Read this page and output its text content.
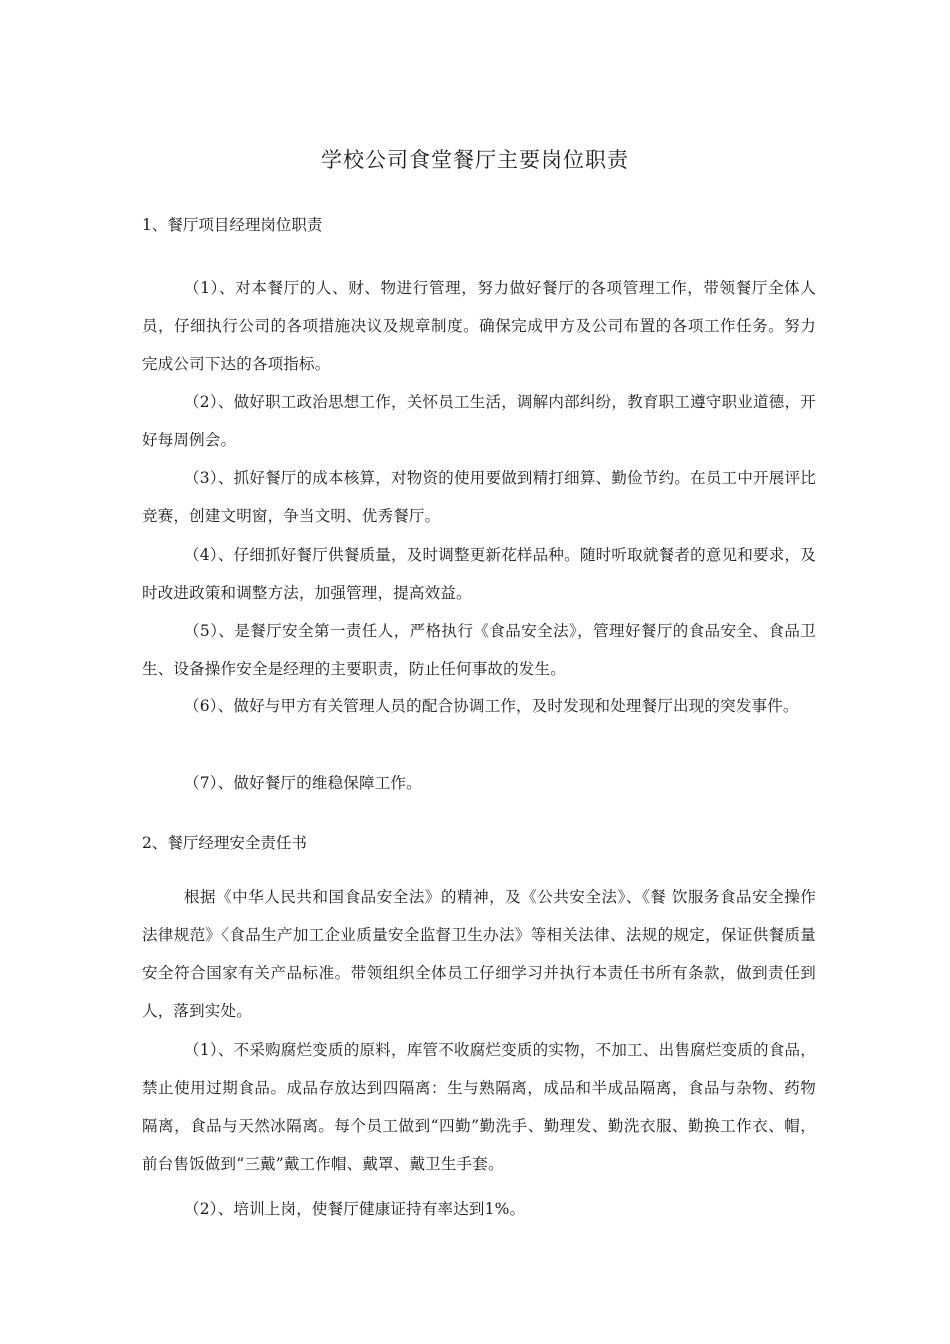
学校公司食堂餐厅主要岗位职责
1、餐厅项目经理岗位职责
（1）、对本餐厅的人、财、物进行管理，努力做好餐厅的各项管理工作，带领餐厅全体人员，仔细执行公司的各项措施决议及规章制度。确保完成甲方及公司布置的各项工作任务。努力完成公司下达的各项指标。
（2）、做好职工政治思想工作，关怀员工生活，调解内部纠纷，教育职工遵守职业道德，开好每周例会。
（3）、抓好餐厅的成本核算，对物资的使用要做到精打细算、勤俭节约。在员工中开展评比竞赛，创建文明窗，争当文明、优秀餐厅。
（4）、仔细抓好餐厅供餐质量，及时调整更新花样品种。随时听取就餐者的意见和要求，及时改进政策和调整方法，加强管理，提高效益。
（5）、是餐厅安全第一责任人，严格执行《食品安全法》，管理好餐厅的食品安全、食品卫生、设备操作安全是经理的主要职责，防止任何事故的发生。
（6）、做好与甲方有关管理人员的配合协调工作，及时发现和处理餐厅出现的突发事件。
（7）、做好餐厅的维稳保障工作。
2、餐厅经理安全责任书
根据《中华人民共和国食品安全法》的精神，及《公共安全法》、《餐 饮服务食品安全操作法律规范》〈食品生产加工企业质量安全监督卫生办法》等相关法律、法规的规定，保证供餐质量安全符合国家有关产品标准。带领组织全体员工仔细学习并执行本责任书所有条款，做到责任到人，落到实处。
（1）、不采购腐烂变质的原料，库管不收腐烂变质的实物，不加工、出售腐烂变质的食品，禁止使用过期食品。成品存放达到四隔离：生与熟隔离，成品和半成品隔离，食品与杂物、药物隔离，食品与天然冰隔离。每个员工做到“四勤”勤洗手、勤理发、勤洗衣服、勤换工作衣、帽，前台售饭做到“三戴”戴工作帽、戴罩、戴卫生手套。
（2）、培训上岗，使餐厅健康证持有率达到1%。
